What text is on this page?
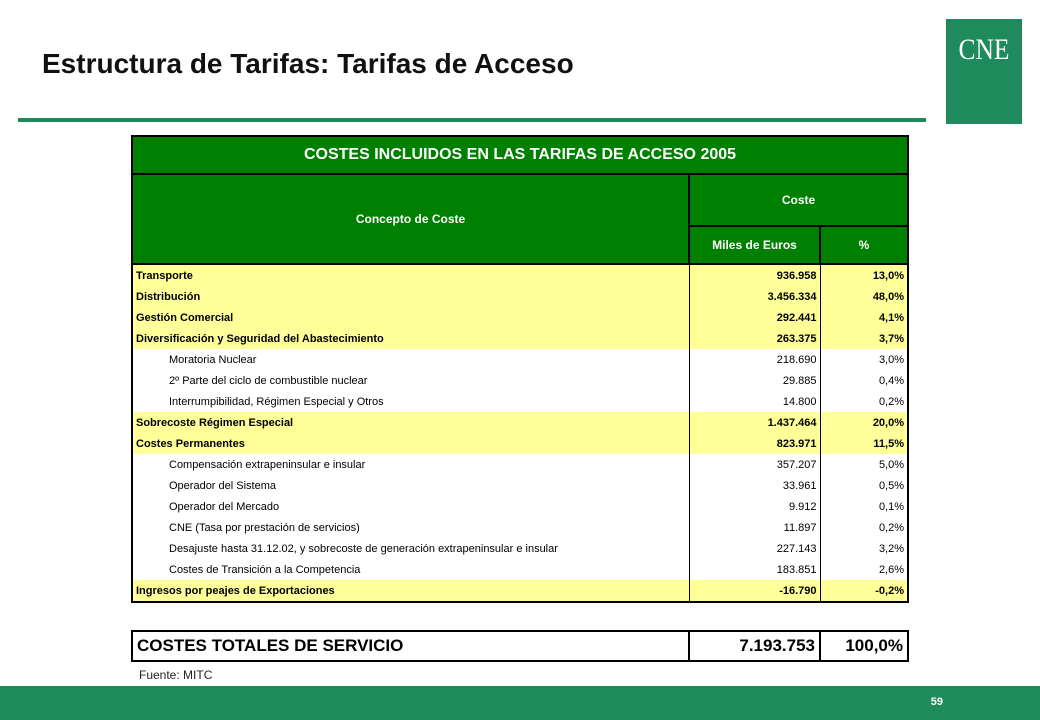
Estructura de Tarifas: Tarifas de Acceso	CNE
COSTES INCLUIDOS EN LAS TARIFAS DE ACCESO 2005		
Concepto de Coste	Coste	
	Miles de Euros	%
Transporte	936.958	13,0%
Distribución	3.456.334	48,0%
Gestión Comercial	292.441	4,1%
Diversificación y Seguridad del Abastecimiento	263.375	3,7%
Moratoria Nuclear	218.690	3,0%
2º Parte del ciclo de combustible nuclear	29.885	0,4%
Interrumpibilidad, Régimen Especial y Otros	14.800	0,2%
Sobrecoste Régimen Especial	1.437.464	20,0%
Costes Permanentes	823.971	11,5%
Compensación extrapeninsular e insular	357.207	5,0%
Operador del Sistema	33.961	0,5%
Operador del Mercado	9.912	0,1%
CNE (Tasa por prestación de servicios)	11.897	0,2%
Desajuste hasta 31.12.02, y sobrecoste de generación extrapeninsular e insular	227.143	3,2%
Costes de Transición a la Competencia	183.851	2,6%
Ingresos por peajes de Exportaciones	-16.790	-0,2%
COSTES TOTALES DE SERVICIO	7.193.753	100,0%
Fuente: MITC
59
